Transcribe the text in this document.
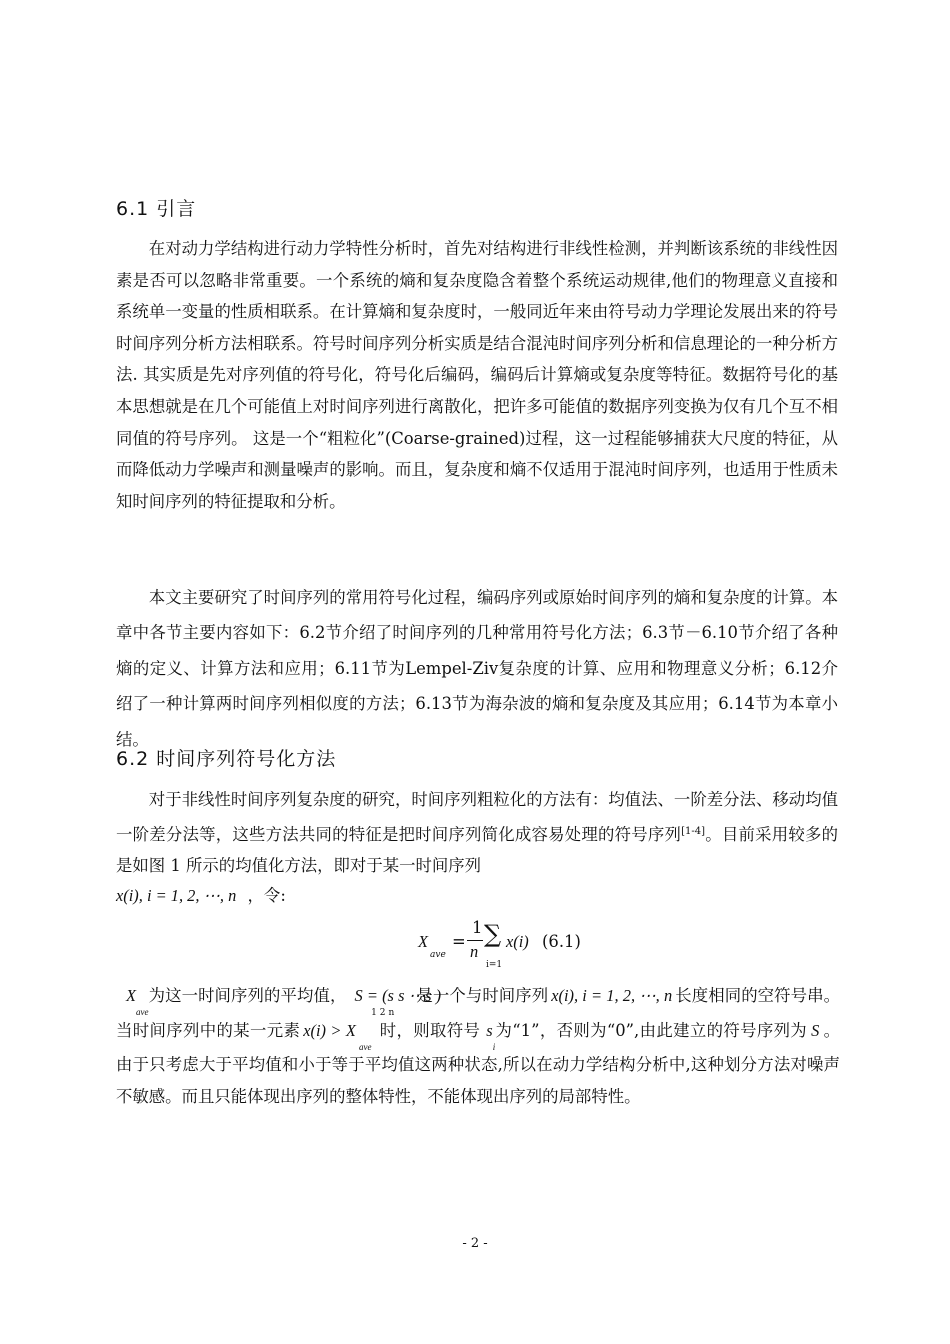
6.1 引言

在对动力学结构进行动力学特性分析时，首先对结构进行非线性检测，并判断该系统的非线性因素是否可以忽略非常重要。一个系统的熵和复杂度隐含着整个系统运动规律,他们的物理意义直接和系统单一变量的性质相联系。在计算熵和复杂度时，一般同近年来由符号动力学理论发展出来的符号时间序列分析方法相联系。符号时间序列分析实质是结合混沌时间序列分析和信息理论的一种分析方法. 其实质是先对序列值的符号化，符号化后编码，编码后计算熵或复杂度等特征。数据符号化的基本思想就是在几个可能值上对时间序列进行离散化，把许多可能值的数据序列变换为仅有几个互不相同值的符号序列。 这是一个“粗粒化”(Coarse-grained)过程，这一过程能够捕获大尺度的特征，从而降低动力学噪声和测量噪声的影响。而且，复杂度和熵不仅适用于混沌时间序列，也适用于性质未知时间序列的特征提取和分析。

本文主要研究了时间序列的常用符号化过程，编码序列或原始时间序列的熵和复杂度的计算。本章中各节主要内容如下：6.2节介绍了时间序列的几种常用符号化方法；6.3节－6.10节介绍了各种熵的定义、计算方法和应用；6.11节为Lempel-Ziv复杂度的计算、应用和物理意义分析；6.12介绍了一种计算两时间序列相似度的方法；6.13节为海杂波的熵和复杂度及其应用；6.14节为本章小结。

6.2 时间序列符号化方法

对于非线性时间序列复杂度的研究，时间序列粗粒化的方法有：均值法、一阶差分法、移动均值一阶差分法等，这些方法共同的特征是把时间序列简化成容易处理的符号序列[1-4]。目前采用较多的是如图 1 所示的均值化方法，即对于某一时间序列

x(i), i = 1, 2, ⋯, n ，令:
X
ave
=
1
n
∑
i=1
x(i) (6.1)

$X_{ave}$为这一时间序列的平均值， S = (s s ⋯s )$_{1 2 n}$是一个与时间序列 x(i), i = 1, 2, ⋯, n 长度相同的空符号串。当时间序列中的某一元素 $x(i) > X_{ave}$时，则取符号 $s_i$为“1”，否则为“0”,由此建立的符号序列为 S 。由于只考虑大于平均值和小于等于平均值这两种状态,所以在动力学结构分析中,这种划分方法对噪声不敏感。而且只能体现出序列的整体特性，不能体现出序列的局部特性。

- 2 -
